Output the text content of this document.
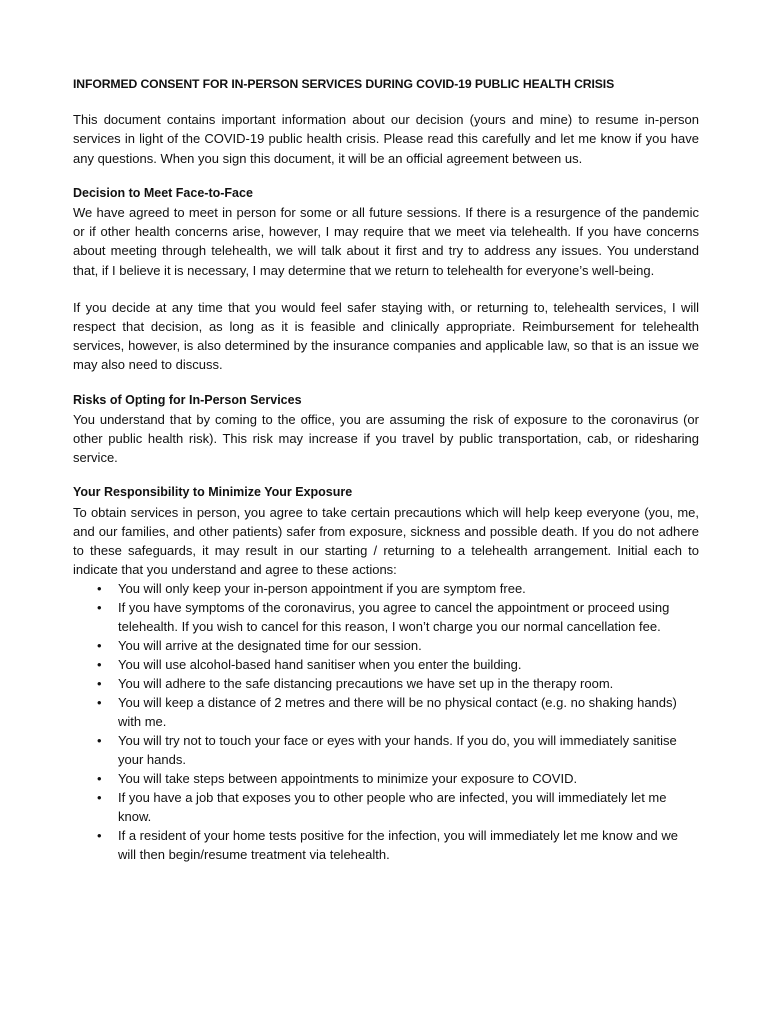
INFORMED CONSENT FOR IN-PERSON SERVICES DURING COVID-19 PUBLIC HEALTH CRISIS

This document contains important information about our decision (yours and mine) to resume in-person services in light of the COVID-19 public health crisis. Please read this carefully and let me know if you have any questions. When you sign this document, it will be an official agreement between us.

Decision to Meet Face-to-Face

We have agreed to meet in person for some or all future sessions. If there is a resurgence of the pandemic or if other health concerns arise, however, I may require that we meet via telehealth. If you have concerns about meeting through telehealth, we will talk about it first and try to address any issues. You understand that, if I believe it is necessary, I may determine that we return to telehealth for everyone’s well-being.

If you decide at any time that you would feel safer staying with, or returning to, telehealth services, I will respect that decision, as long as it is feasible and clinically appropriate. Reimbursement for telehealth services, however, is also determined by the insurance companies and applicable law, so that is an issue we may also need to discuss.

Risks of Opting for In-Person Services

You understand that by coming to the office, you are assuming the risk of exposure to the coronavirus (or other public health risk). This risk may increase if you travel by public transportation, cab, or ridesharing service.

Your Responsibility to Minimize Your Exposure

To obtain services in person, you agree to take certain precautions which will help keep everyone (you, me, and our families, and other patients) safer from exposure, sickness and possible death. If you do not adhere to these safeguards, it may result in our starting / returning to a telehealth arrangement. Initial each to indicate that you understand and agree to these actions:

• You will only keep your in-person appointment if you are symptom free.
• If you have symptoms of the coronavirus, you agree to cancel the appointment or proceed using telehealth. If you wish to cancel for this reason, I won’t charge you our normal cancellation fee.
• You will arrive at the designated time for our session.
• You will use alcohol-based hand sanitiser when you enter the building.
• You will adhere to the safe distancing precautions we have set up in the therapy room.
• You will keep a distance of 2 metres and there will be no physical contact (e.g. no shaking hands) with me.
• You will try not to touch your face or eyes with your hands. If you do, you will immediately sanitise your hands.
• You will take steps between appointments to minimize your exposure to COVID.
• If you have a job that exposes you to other people who are infected, you will immediately let me know.
• If a resident of your home tests positive for the infection, you will immediately let me know and we will then begin/resume treatment via telehealth.
